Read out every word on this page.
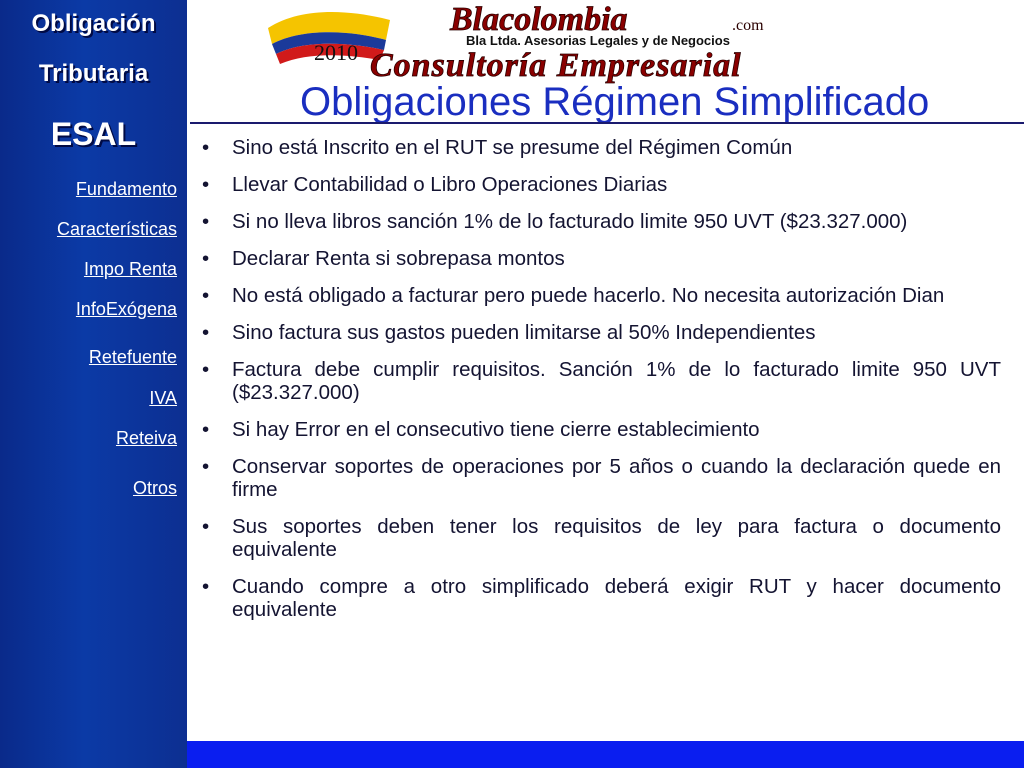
Obligación
Tributaria
ESAL
Fundamento
Características
Impo Renta
InfoExógena
Retefuente
IVA
Reteiva
Otros
Blacolombia	.com
Bla Ltda. Asesorias Legales y de Negocios
2010 Consultoría Empresarial
Obligaciones Régimen Simplificado
• Sino está Inscrito en el RUT se presume del Régimen Común
• Llevar Contabilidad o Libro Operaciones Diarias
• Si no lleva libros sanción 1% de lo facturado limite 950 UVT ($23.327.000)
• Declarar Renta si sobrepasa montos
• No está obligado a facturar pero puede hacerlo. No necesita autorización Dian
• Sino factura sus gastos pueden limitarse al 50% Independientes
• Factura debe cumplir requisitos. Sanción 1% de lo facturado limite 950 UVT ($23.327.000)
• Si hay Error en el consecutivo tiene cierre establecimiento
• Conservar soportes de operaciones por 5 años o cuando la declaración quede en firme
• Sus soportes deben tener los requisitos de ley para factura o documento equivalente
• Cuando compre a otro simplificado deberá exigir RUT y hacer documento equivalente
